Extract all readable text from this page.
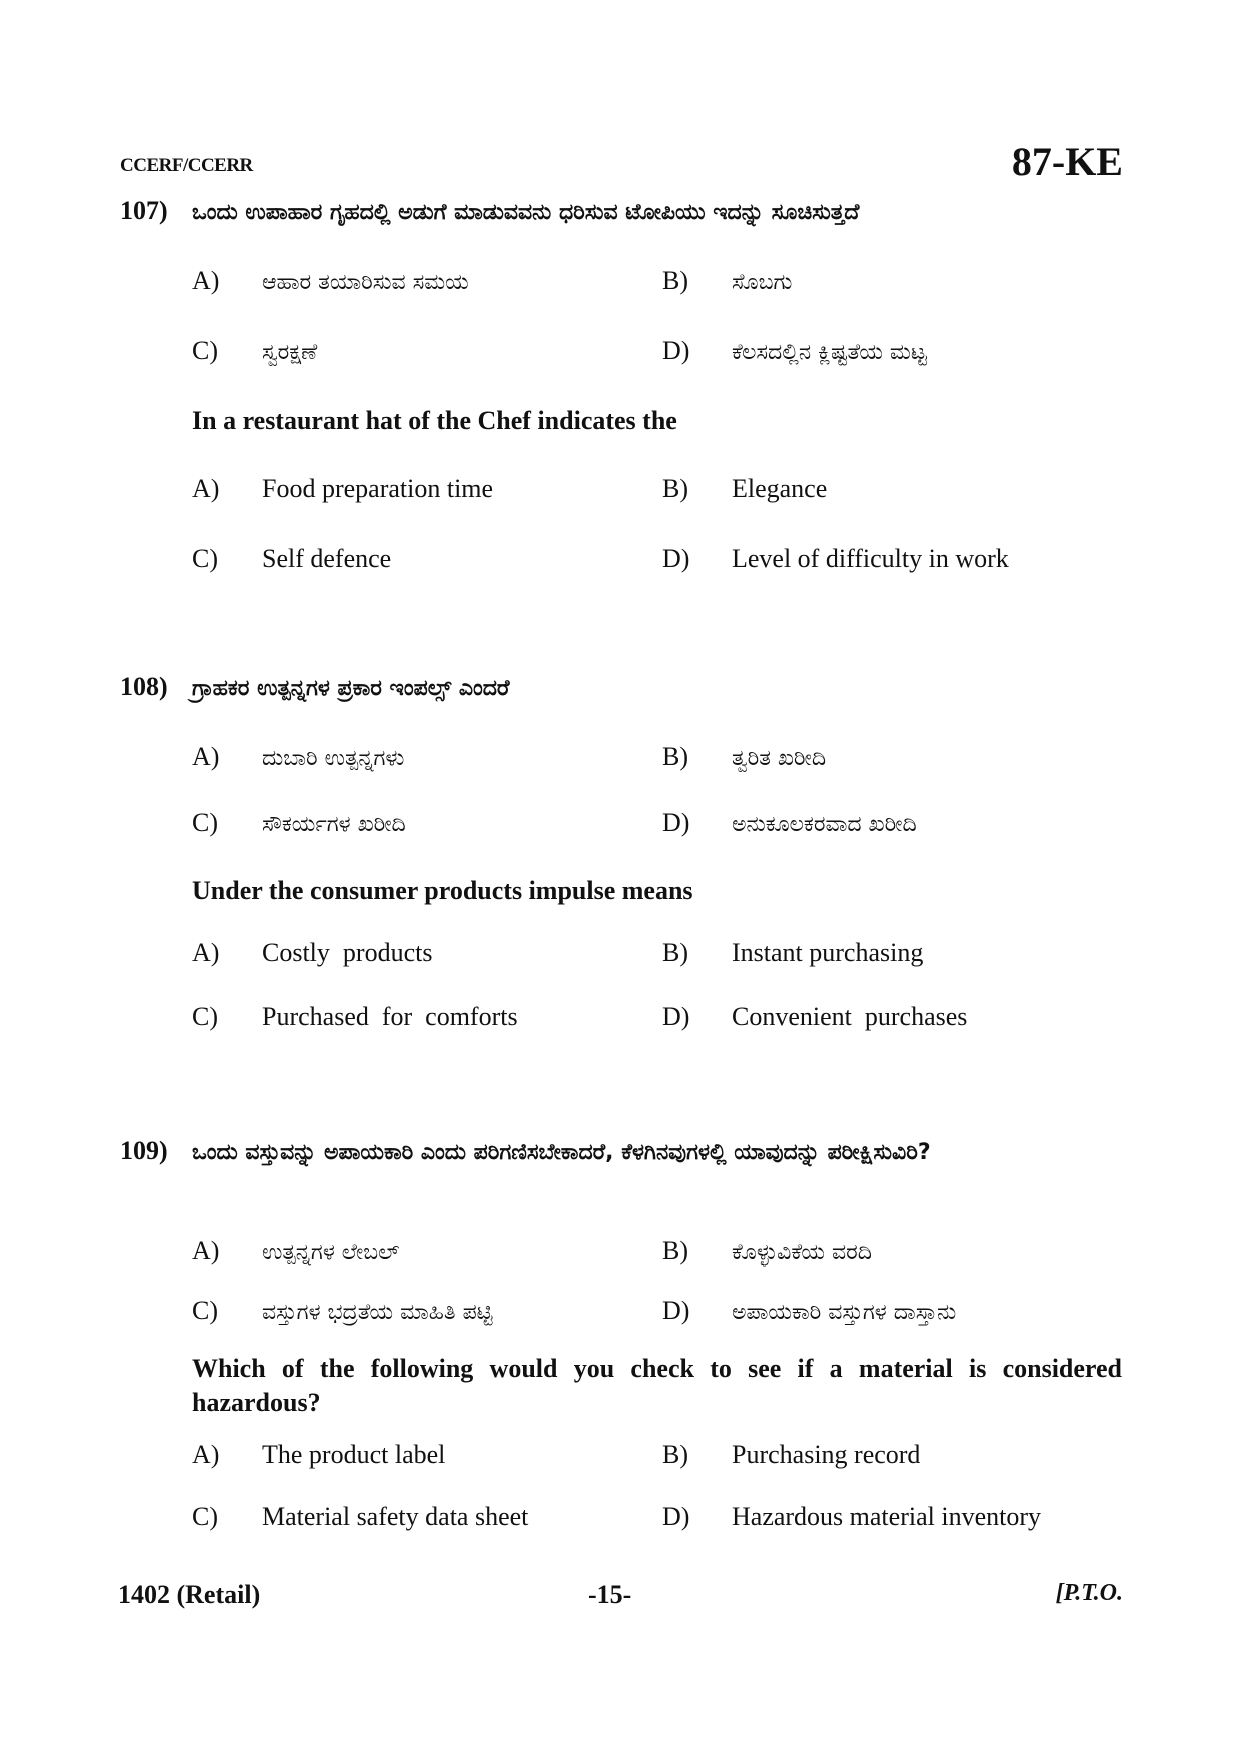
CCERF/CCERR	87-KE
107) ಒಂದು ಉಪಾಹಾರ ಗೃಹದಲ್ಲಿ ಅಡುಗೆ ಮಾಡುವವನು ಧರಿಸುವ ಟೋಪಿಯು ಇದನ್ನು ಸೂಚಿಸುತ್ತದೆ
A) ಆಹಾರ ತಯಾರಿಸುವ ಸಮಯ	B) ಸೊಬಗು
C) ಸ್ವರಕ್ಷಣೆ	D) ಕೆಲಸದಲ್ಲಿನ ಕ್ಲಿಷ್ಟತೆಯ ಮಟ್ಟ
In a restaurant hat of the Chef indicates the
A) Food preparation time	B) Elegance
C) Self defence	D) Level of difficulty in work
108) ಗ್ರಾಹಕರ ಉತ್ಪನ್ನಗಳ ಪ್ರಕಾರ ಇಂಪಲ್ಸ್ ಎಂದರೆ
A) ದುಬಾರಿ ಉತ್ಪನ್ನಗಳು	B) ತ್ವರಿತ ಖರೀದಿ
C) ಸೌಕರ್ಯಗಳ ಖರೀದಿ	D) ಅನುಕೂಲಕರವಾದ ಖರೀದಿ
Under the consumer products impulse means
A) Costly  products	B) Instant purchasing
C) Purchased  for  comforts	D) Convenient  purchases
109) ಒಂದು ವಸ್ತುವನ್ನು ಅಪಾಯಕಾರಿ ಎಂದು ಪರಿಗಣಿಸಬೇಕಾದರೆ, ಕೆಳಗಿನವುಗಳಲ್ಲಿ ಯಾವುದನ್ನು ಪರೀಕ್ಷಿಸುವಿರಿ?
A) ಉತ್ಪನ್ನಗಳ ಲೇಬಲ್	B) ಕೊಳ್ಳುವಿಕೆಯ ವರದಿ
C) ವಸ್ತುಗಳ ಭದ್ರತೆಯ ಮಾಹಿತಿ ಪಟ್ಟಿ	D) ಅಪಾಯಕಾರಿ ವಸ್ತುಗಳ ದಾಸ್ತಾನು
Which of the following would you check to see if a material is considered hazardous?
A) The product label	B) Purchasing record
C) Material safety data sheet	D) Hazardous material inventory
1402 (Retail)	-15-	[P.T.O.
